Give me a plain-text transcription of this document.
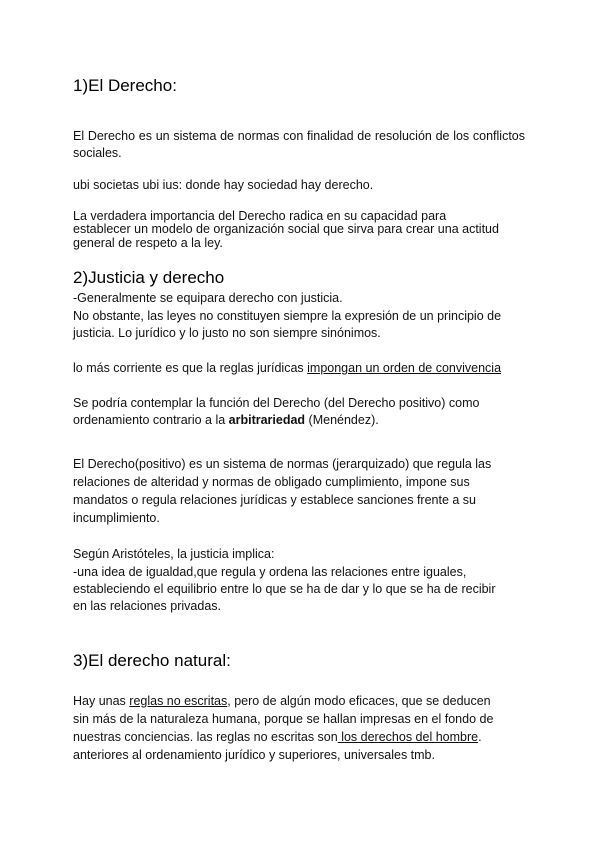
1)El Derecho:

El Derecho es un sistema de normas con finalidad de resolución de los conflictos sociales.

ubi societas ubi ius: donde hay sociedad hay derecho.

La verdadera importancia del Derecho radica en su capacidad para

establecer un modelo de organización social que sirva para crear una actitud

general de respeto a la ley.

2)Justicia y derecho

-Generalmente se equipara derecho con justicia.

No obstante, las leyes no constituyen siempre la expresión de un principio de

justicia. Lo jurídico y lo justo no son siempre sinónimos.

lo más corriente es que la reglas jurídicas impongan un orden de convivencia

Se podría contemplar la función del Derecho (del Derecho positivo) como

ordenamiento contrario a la arbitrariedad (Menéndez).

El Derecho(positivo) es un sistema de normas (jerarquizado) que regula las

relaciones de alteridad y normas de obligado cumplimiento, impone sus

mandatos o regula relaciones jurídicas y establece sanciones frente a su

incumplimiento.

Según Aristóteles, la justicia implica:

-una idea de igualdad,que regula y ordena las relaciones entre iguales,

estableciendo el equilibrio entre lo que se ha de dar y lo que se ha de recibir

en las relaciones privadas.

3)El derecho natural:

Hay unas reglas no escritas, pero de algún modo eficaces, que se deducen

sin más de la naturaleza humana, porque se hallan impresas en el fondo de

nuestras conciencias. las reglas no escritas son los derechos del hombre.

anteriores al ordenamiento jurídico y superiores, universales tmb.
